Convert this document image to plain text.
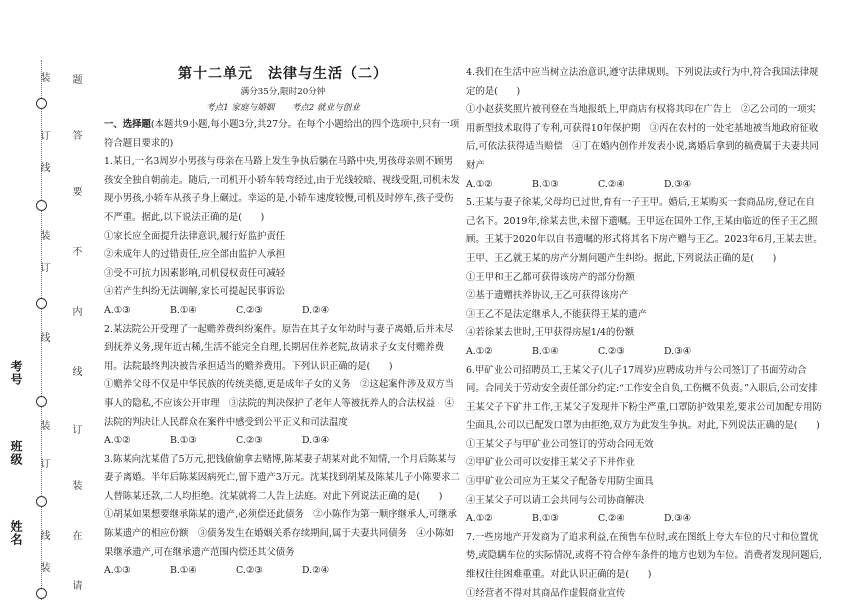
姓名
班级
考号
装
订
线
装
订
线
装
订
线
装
题
答
要
不
内
线
订
装
在
请

第十二单元　法律与生活（二）

满分35分,限时20分钟

考点1 家庭与婚姻　　考点2 就业与创业

一、选择题(本题共9小题,每小题3分,共27分。在每个小题给出的四个选项中,只有一项符合题目要求的)

1.某日,一名3周岁小男孩与母亲在马路上发生争执后躺在马路中央,男孩母亲则不顾男孩安全独自朝前走。随后,一司机开小轿车转弯经过,由于光线较暗、视线受阻,司机未发现小男孩,小轿车从孩子身上碾过。幸运的是,小轿车速度较慢,司机及时停车,孩子受伤不严重。据此,以下说法正确的是(　　)

①家长应全面提升法律意识,履行好监护责任

②未成年人的过错责任,应全部由监护人承担

③受不可抗力因素影响,司机侵权责任可减轻

④若产生纠纷无法调解,家长可提起民事诉讼

A.①③	B.①④	C.②③	D.②④

2.某法院公开受理了一起赡养费纠纷案件。原告在其子女年幼时与妻子离婚,后并未尽到抚养义务,现年近古稀,生活不能完全自理,长期居住养老院,故请求子女支付赡养费用。法院最终判决被告承担适当的赡养费用。下列认识正确的是(　　)

①赡养父母不仅是中华民族的传统美德,更是成年子女的义务　②这起案件涉及双方当事人的隐私,不应该公开审理　③法院的判决保护了老年人等被抚养人的合法权益　④法院的判决让人民群众在案件中感受到公平正义和司法温度

A.①②	B.①③	C.②③	D.③④

3.陈某向沈某借了5万元,把钱偷偷拿去赌博,陈某妻子胡某对此不知情,一个月后陈某与妻子离婚。半年后陈某因病死亡,留下遗产3万元。沈某找到胡某及陈某儿子小陈要求二人替陈某还款,二人均拒绝。沈某就将二人告上法庭。对此下列说法正确的是(　　)

①胡某如果想要继承陈某的遗产,必须偿还此债务　②小陈作为第一顺序继承人,可继承陈某遗产的相应份额　③债务发生在婚姻关系存续期间,属于夫妻共同债务　④小陈如果继承遗产,可在继承遗产范围内偿还其父债务

A.①③	B.①④	C.②③	D.②④

4.我们在生活中应当树立法治意识,遵守法律规则。下列说法或行为中,符合我国法律规定的是(　　)

①小赵获奖照片被刊登在当地报纸上,甲商店有权将其印在广告上　②乙公司的一项实用新型技术取得了专利,可获得10年保护期　③丙在农村的一处宅基地被当地政府征收后,可依法获得适当赔偿　④丁在婚内创作并发表小说,离婚后拿到的稿费属于夫妻共同财产

A.①②	B.①③	C.②④	D.③④

5.王某与妻子徐某,父母均已过世,育有一子王甲。婚后,王某购买一套商品房,登记在自己名下。2019年,徐某去世,未留下遗嘱。王甲远在国外工作,王某由临近的侄子王乙照顾。王某于2020年以自书遗嘱的形式将其名下房产赠与王乙。2023年6月,王某去世。王甲、王乙就王某的房产分割问题产生纠纷。据此,下列说法正确的是(　　)

①王甲和王乙都可获得该房产的部分份额

②基于遗赠扶养协议,王乙可获得该房产

③王乙不是法定继承人,不能获得王某的遗产

④若徐某去世时,王甲获得房屋1/4的份额

A.①②	B.①④	C.②③	D.③④

6.甲矿业公司招聘员工,王某父子(儿子17周岁)应聘成功并与公司签订了书面劳动合同。合同关于劳动安全责任部分约定:“工作安全自负,工伤概不负责。”入职后,公司安排王某父子下矿井工作,王某父子发现井下粉尘严重,口罩防护效果差,要求公司加配专用防尘面具,公司以已配发口罩为由拒绝,双方为此发生争执。对此,下列说法正确的是(　　)

①王某父子与甲矿业公司签订的劳动合同无效

②甲矿业公司可以安排王某父子下井作业

③甲矿业公司应为王某父子配备专用防尘面具

④王某父子可以请工会共同与公司协商解决

A.①②	B.①③	C.②④	D.③④

7.一些房地产开发商为了追求利益,在预售车位时,或在图纸上夸大车位的尺寸和位置优势,或隐瞒车位的实际情况,或将不符合停车条件的地方也划为车位。消费者发现问题后,维权往往困难重重。对此认识正确的是(　　)

①经营者不得对其商品作虚假商业宣传
